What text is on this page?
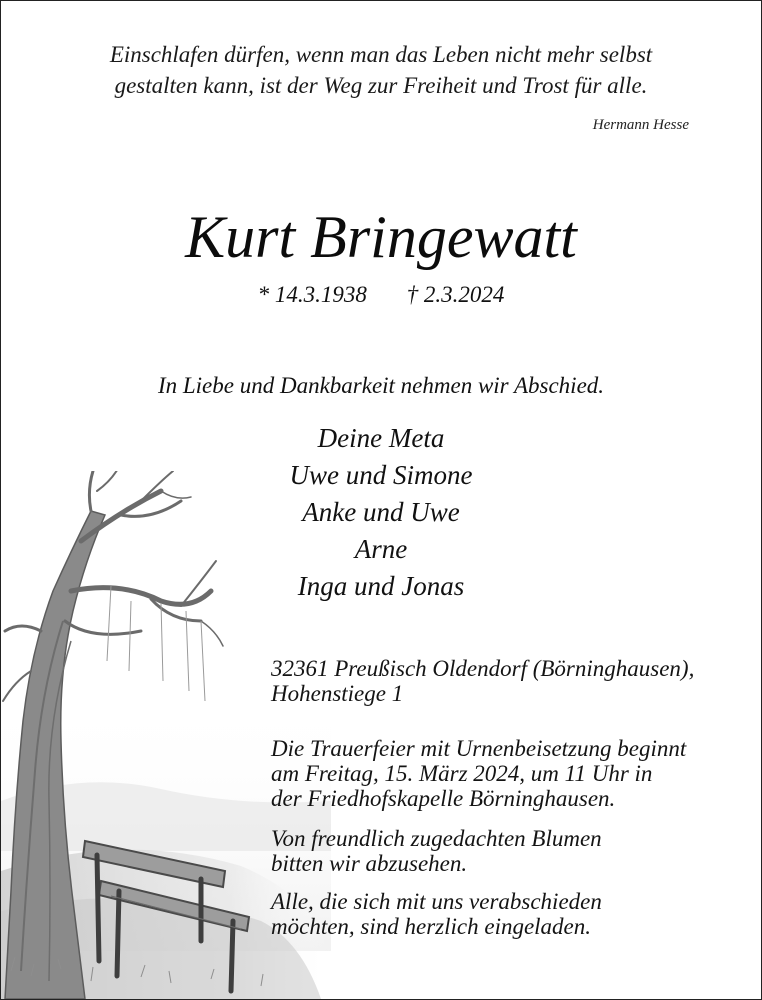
Einschlafen dürfen, wenn man das Leben nicht mehr selbst
gestalten kann, ist der Weg zur Freiheit und Trost für alle.
Hermann Hesse
Kurt Bringewatt
* 14.3.1938 † 2.3.2024
In Liebe und Dankbarkeit nehmen wir Abschied.
Deine Meta
Uwe und Simone
Anke und Uwe
Arne
Inga und Jonas
32361 Preußisch Oldendorf (Börninghausen),
Hohenstiege 1
Die Trauerfeier mit Urnenbeisetzung beginnt
am Freitag, 15. März 2024, um 11 Uhr in
der Friedhofskapelle Börninghausen.
Von freundlich zugedachten Blumen
bitten wir abzusehen.
Alle, die sich mit uns verabschieden
möchten, sind herzlich eingeladen.
